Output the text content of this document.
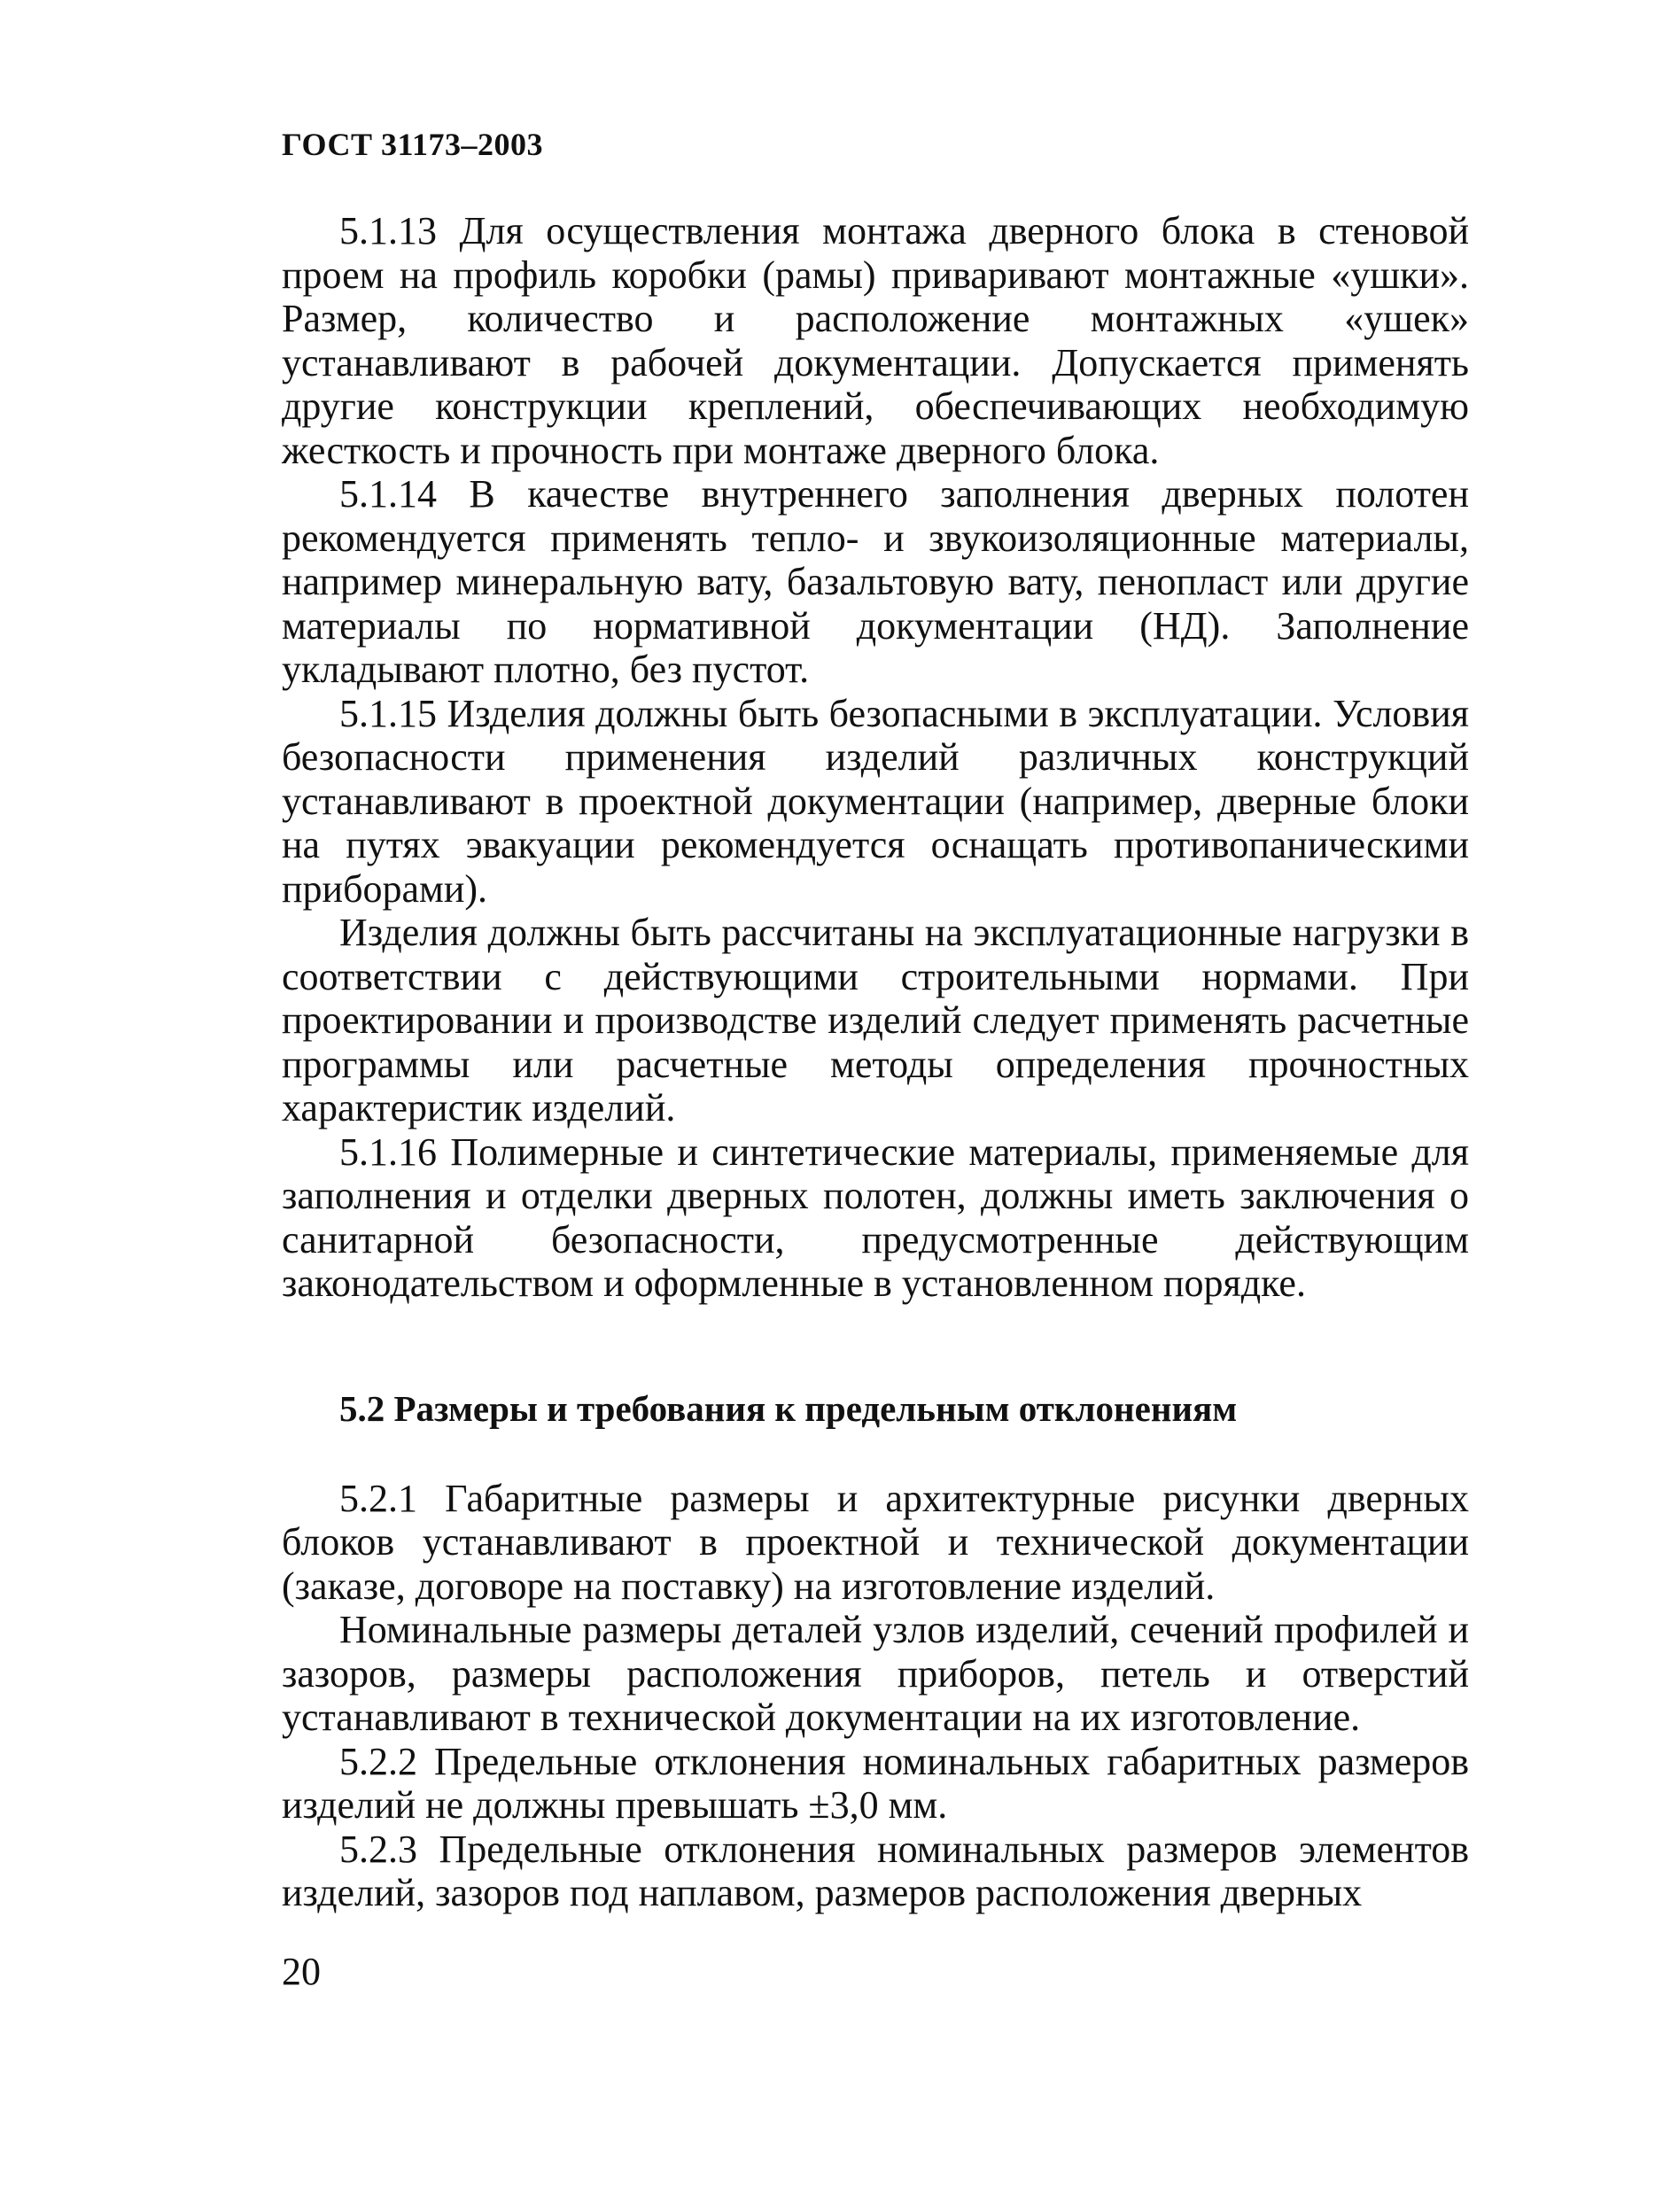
ГОСТ 31173–2003

5.1.13 Для осуществления монтажа дверного блока в стеновой проем на профиль коробки (рамы) приваривают монтажные «ушки». Размер, количество и расположение монтажных «ушек» устанавливают в рабочей документации. Допускается применять другие конструкции креплений, обеспечивающих необходимую жесткость и прочность при монтаже дверного блока.

5.1.14 В качестве внутреннего заполнения дверных полотен рекомендуется применять тепло- и звукоизоляционные материалы, например минеральную вату, базальтовую вату, пенопласт или другие материалы по нормативной документации (НД). Заполнение укладывают плотно, без пустот.

5.1.15 Изделия должны быть безопасными в эксплуатации. Условия безопасности применения изделий различных конструкций устанавливают в проектной документации (например, дверные блоки на путях эвакуации рекомендуется оснащать противопаническими приборами).

Изделия должны быть рассчитаны на эксплуатационные нагрузки в соответствии с действующими строительными нормами. При проектировании и производстве изделий следует применять расчетные программы или расчетные методы определения прочностных характеристик изделий.

5.1.16 Полимерные и синтетические материалы, применяемые для заполнения и отделки дверных полотен, должны иметь заключения о санитарной безопасности, предусмотренные действующим законодательством и оформленные в установленном порядке.

5.2 Размеры и требования к предельным отклонениям

5.2.1 Габаритные размеры и архитектурные рисунки дверных блоков устанавливают в проектной и технической документации (заказе, договоре на поставку) на изготовление изделий.

Номинальные размеры деталей узлов изделий, сечений профилей и зазоров, размеры расположения приборов, петель и отверстий устанавливают в технической документации на их изготовление.

5.2.2 Предельные отклонения номинальных габаритных размеров изделий не должны превышать ±3,0 мм.

5.2.3 Предельные отклонения номинальных размеров элементов изделий, зазоров под наплавом, размеров расположения дверных

20
